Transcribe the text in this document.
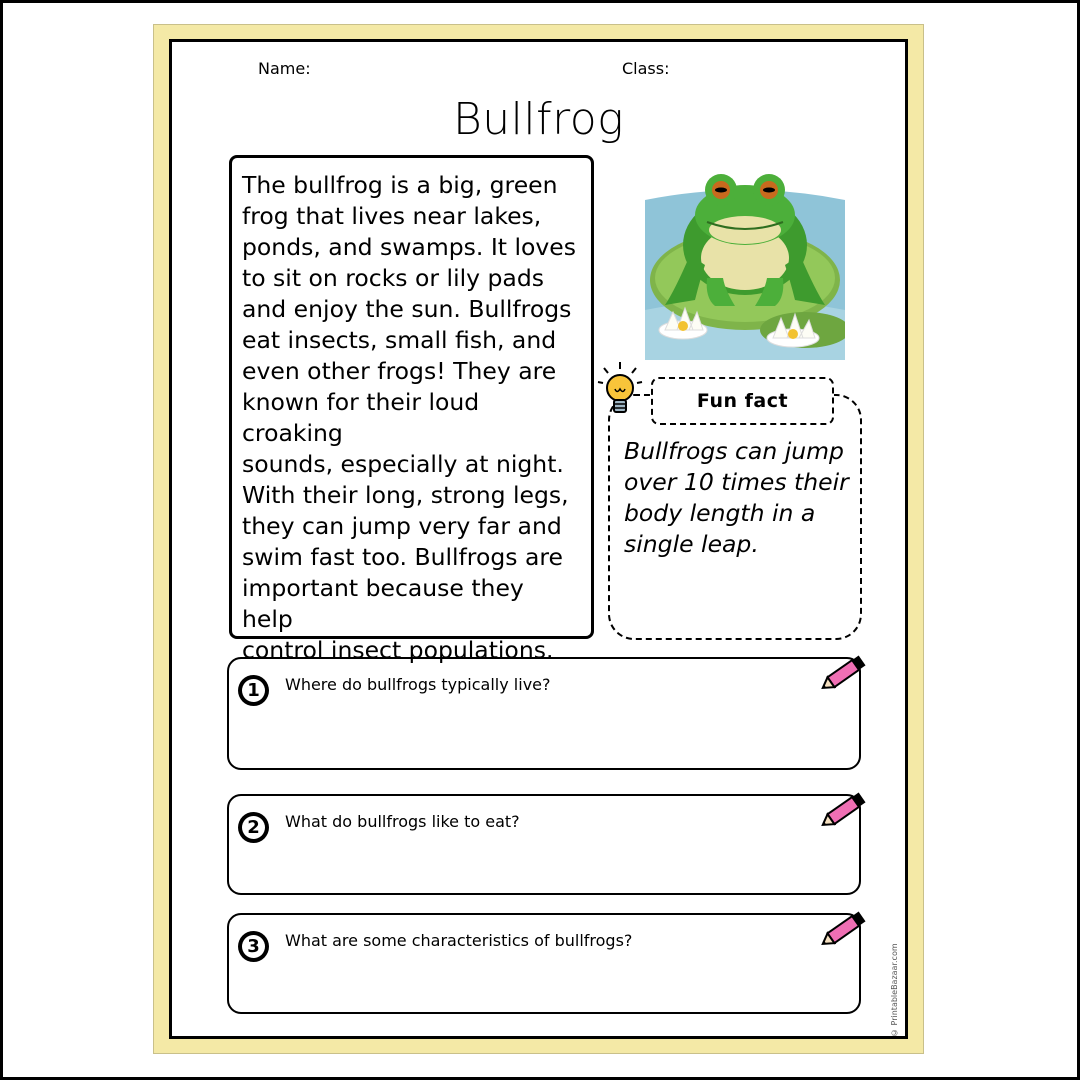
Name:	Class:
Bullfrog

The bullfrog is a big, green

frog that lives near lakes,

ponds, and swamps. It loves

to sit on rocks or lily pads

and enjoy the sun. Bullfrogs

eat insects, small fish, and

even other frogs! They are

known for their loud croaking

sounds, especially at night.

With their long, strong legs,

they can jump very far and

swim fast too. Bullfrogs are

important because they help

control insect populations.

Fun fact
Bullfrogs can jump
over 10 times their
body length in a
single leap.
1	Where do bullfrogs typically live?
2	What do bullfrogs like to eat?
3	What are some characteristics of bullfrogs?
© PrintableBazaar.com
